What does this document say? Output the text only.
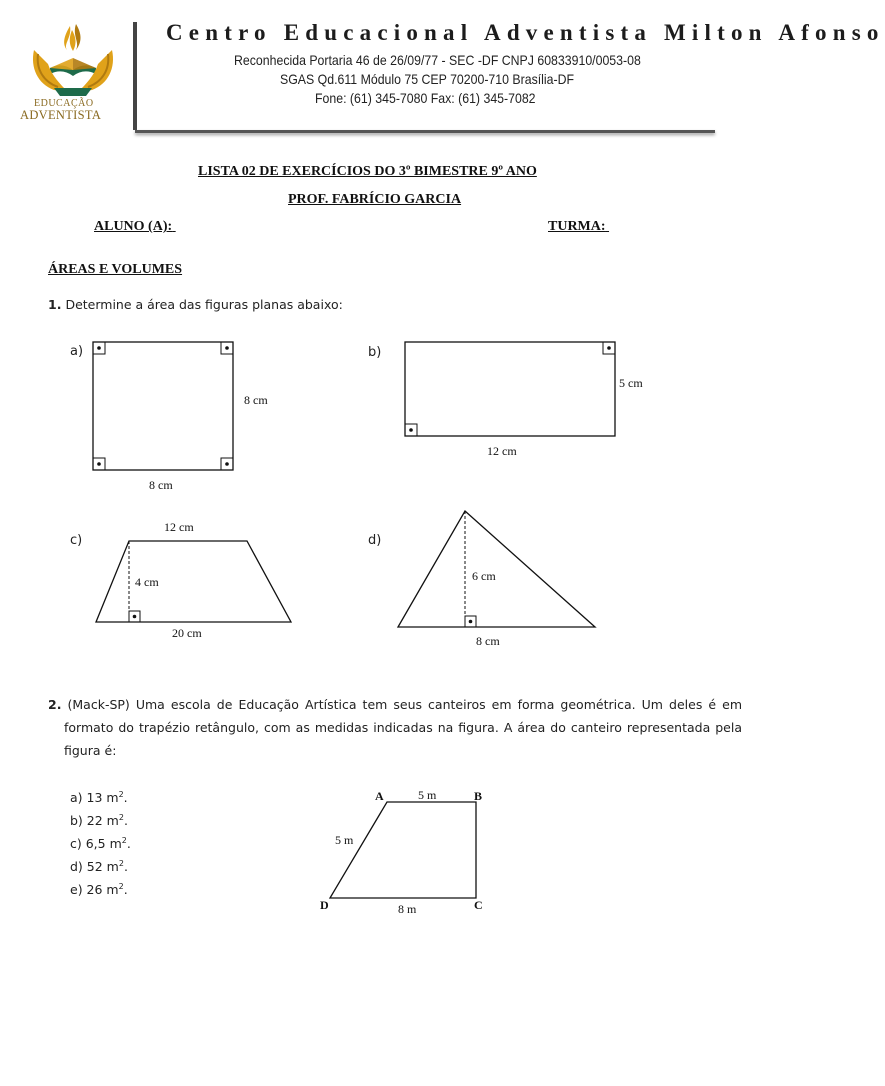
EDUCAÇÃO
ADVENTISTA
Centro Educacional Adventista Milton Afonso
Reconhecida Portaria 46 de 26/09/77 - SEC -DF CNPJ 60833910/0053-08
SGAS Qd.611 Módulo 75 CEP 70200-710 Brasília-DF
Fone: (61) 345-7080 Fax: (61) 345-7082
LISTA 02 DE EXERCÍCIOS DO 3º BIMESTRE 9º ANO
PROF. FABRÍCIO GARCIA
ALUNO (A):	TURMA:
ÁREAS E VOLUMES
1. Determine a área das figuras planas abaixo:
a)	b)
c)	d)
8 cm
8 cm
5 cm
12 cm
12 cm
4 cm
20 cm
6 cm
8 cm
A	B
C
D
5 m
5 m
8 m
2. (Mack-SP) Uma escola de Educação Artística tem seus canteiros em forma geométrica. Um deles é em formato do trapézio retângulo, com as medidas indicadas na figura. A área do canteiro representada pela figura é:
a) 13 $m^2$.
b) 22 $m^2$.
c) 6,5 $m^2$.
d) 52 $m^2$.
e) 26 $m^2$.
